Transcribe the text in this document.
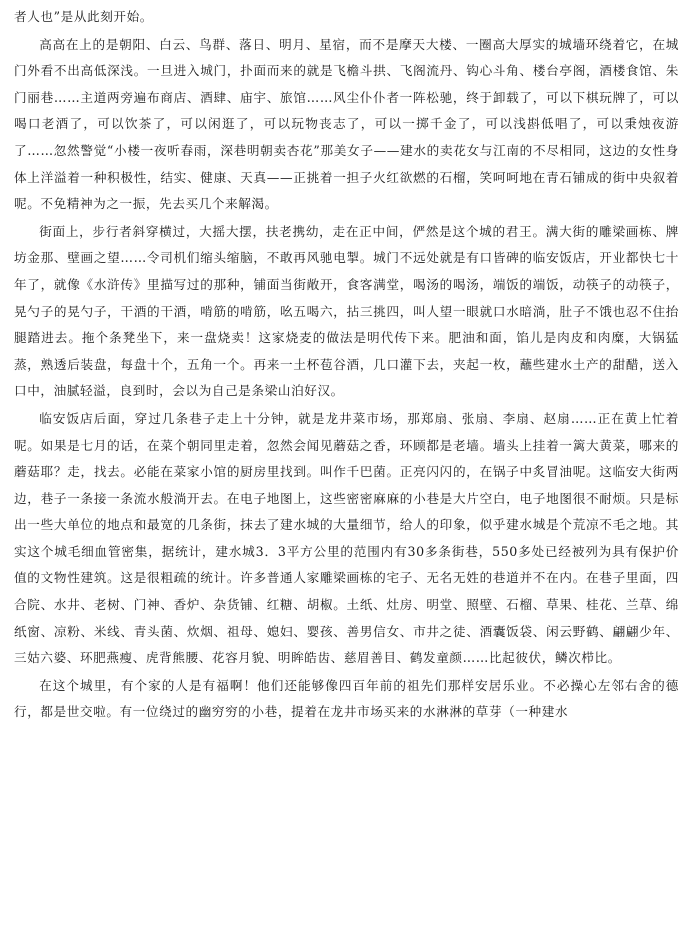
者人也”是从此刻开始。

高高在上的是朝阳、白云、鸟群、落日、明月、星宿，而不是摩天大楼、一圈高大厚实的城墙环绕着它，在城门外看不出高低深浅。一旦进入城门，扑面而来的就是飞檐斗拱、飞阁流丹、钩心斗角、楼台亭阁，酒楼食馆、朱门丽巷……主道两旁遍布商店、酒肆、庙宇、旅馆……风尘仆仆者一阵松驰，终于卸载了，可以下棋玩牌了，可以喝口老酒了，可以饮茶了，可以闲逛了，可以玩物丧志了，可以一掷千金了，可以浅斟低唱了，可以秉烛夜游了……忽然警觉“小楼一夜听春雨，深巷明朝卖杏花”那美女子——建水的卖花女与江南的不尽相同，这边的女性身体上洋溢着一种积极性，结实、健康、天真——正挑着一担子火红欲燃的石榴，笑呵呵地在青石铺成的街中央叙着呢。不免精神为之一振，先去买几个来解渴。

街面上，步行者斜穿横过，大摇大摆，扶老携幼，走在正中间，俨然是这个城的君王。满大街的雕梁画栋、牌坊金那、壁画之望……令司机们缩头缩脑，不敢再风驰电掣。城门不远处就是有口皆碑的临安饭店，开业都快七十年了，就像《水浒传》里描写过的那种，铺面当街敞开，食客满堂，喝汤的喝汤，端饭的端饭，动筷子的动筷子，晃勺子的晃勺子，干酒的干酒，啃筋的啃筋，吆五喝六，拈三挑四，叫人望一眼就口水暗淌，肚子不饿也忍不住抬腿踏进去。拖个条凳坐下，来一盘烧卖！这家烧麦的做法是明代传下来。肥油和面，馅儿是肉皮和肉糜，大锅猛蒸，熟透后装盘，每盘十个，五角一个。再来一土杯苞谷酒，几口灌下去，夹起一枚，蘸些建水土产的甜醋，送入口中，油腻轻溢，良到时，会以为自己是条梁山泊好汉。

临安饭店后面，穿过几条巷子走上十分钟，就是龙井菜市场，那郑扇、张扇、李扇、赵扇……正在黄上忙着呢。如果是七月的话，在菜个朝同里走着，忽然会闻见蘑菇之香，环顾都是老墙。墙头上挂着一篱大黄菜，哪来的蘑菇耶？走，找去。必能在菜家小馆的厨房里找到。叫作千巴菌。正亮闪闪的，在锅子中炙冒油呢。这临安大街两边，巷子一条接一条流水般淌开去。在电子地图上，这些密密麻麻的小巷是大片空白，电子地图很不耐烦。只是标出一些大单位的地点和最宽的几条街，抹去了建水城的大量细节，给人的印象，似乎建水城是个荒凉不毛之地。其实这个城毛细血管密集，据统计，建水城3．3平方公里的范围内有30多条街巷，550多处已经被列为具有保护价值的文物性建筑。这是很粗疏的统计。许多普通人家雕梁画栋的宅子、无名无姓的巷道并不在内。在巷子里面，四合院、水井、老树、门神、香炉、杂货铺、红糖、胡椒。土纸、灶房、明堂、照壁、石榴、草果、桂花、兰草、绵纸窗、凉粉、米线、青头菌、炊烟、祖母、媳妇、婴孩、善男信女、市井之徒、酒囊饭袋、闲云野鹤、翩翩少年、三姑六婆、环肥燕瘦、虎背熊腰、花容月貌、明眸皓齿、慈眉善目、鹤发童颜……比起彼伏，鳞次栉比。

在这个城里，有个家的人是有福啊！他们还能够像四百年前的祖先们那样安居乐业。不必操心左邻右舍的德行，都是世交啦。有一位绕过的幽穷穷的小巷，提着在龙井市场买来的水淋淋的草芽（一种建水
